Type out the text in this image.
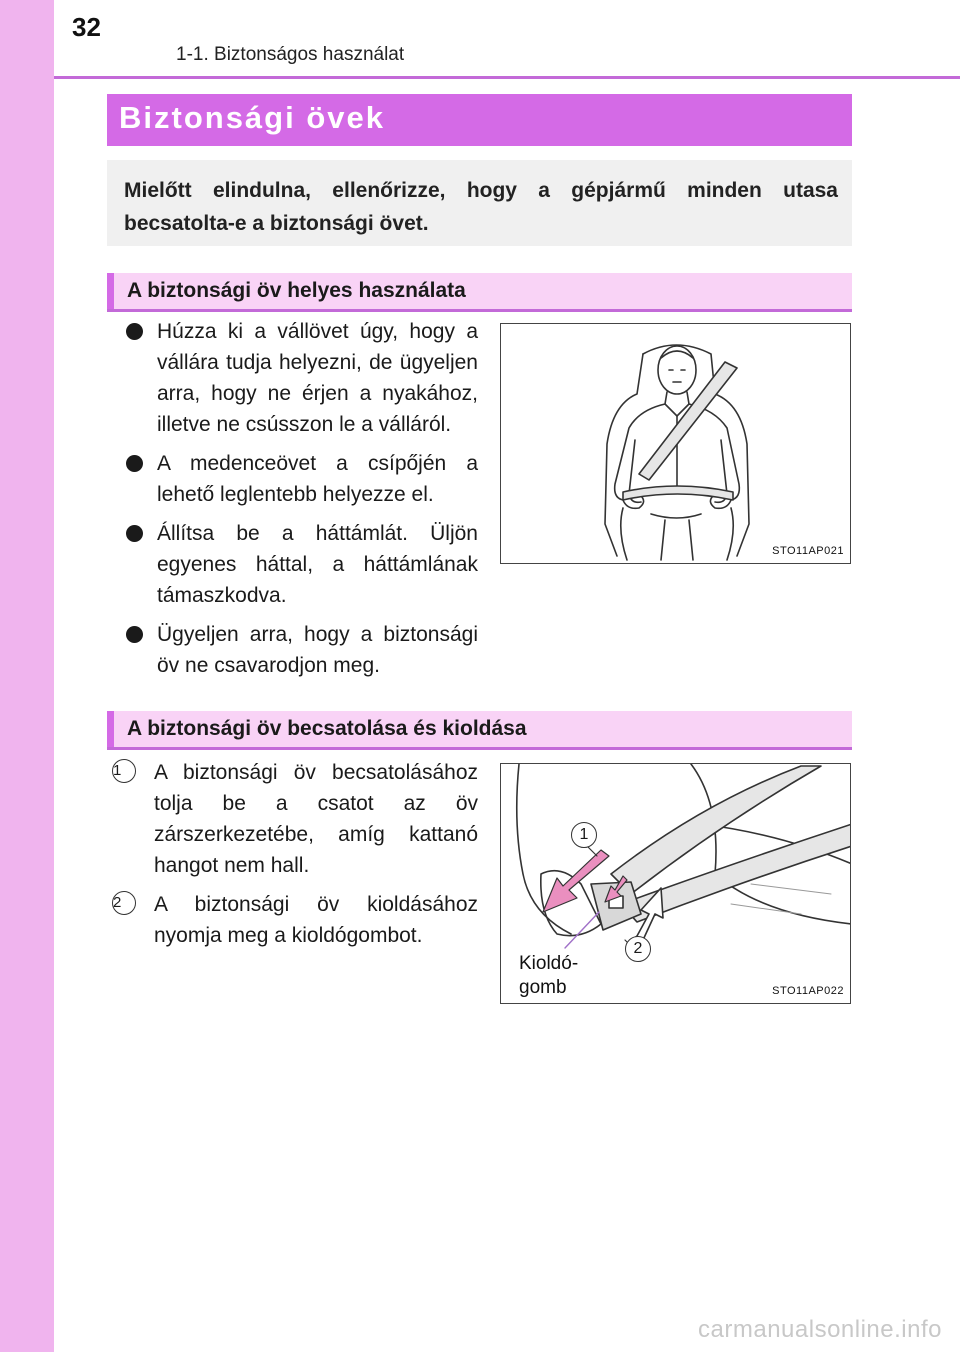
32
1-1. Biztonságos használat
Biztonsági övek

Mielőtt elindulna, ellenőrizze, hogy a gépjármű minden utasa becsatolta-e a biztonsági övet.

A biztonsági öv helyes használata
Húzza ki a vállövet úgy, hogy a vállára tudja helyezni, de ügyeljen arra, hogy ne érjen a nyakához, illetve ne csússzon le a válláról.
A medenceövet a csípőjén a lehető leglentebb helyezze el.
Állítsa be a háttámlát. Üljön egyenes háttal, a háttámlának támaszkodva.
Ügyeljen arra, hogy a biztonsági öv ne csavarodjon meg.
STO11AP021
A biztonsági öv becsatolása és kioldása
1	A biztonsági öv becsatolásához tolja be a csatot az öv zárszerkezetébe, amíg kattanó hangot nem hall.
2	A biztonsági öv kioldásához nyomja meg a kioldógombot.
1
2
Kioldó-
gomb	STO11AP022
carmanualsonline.info
